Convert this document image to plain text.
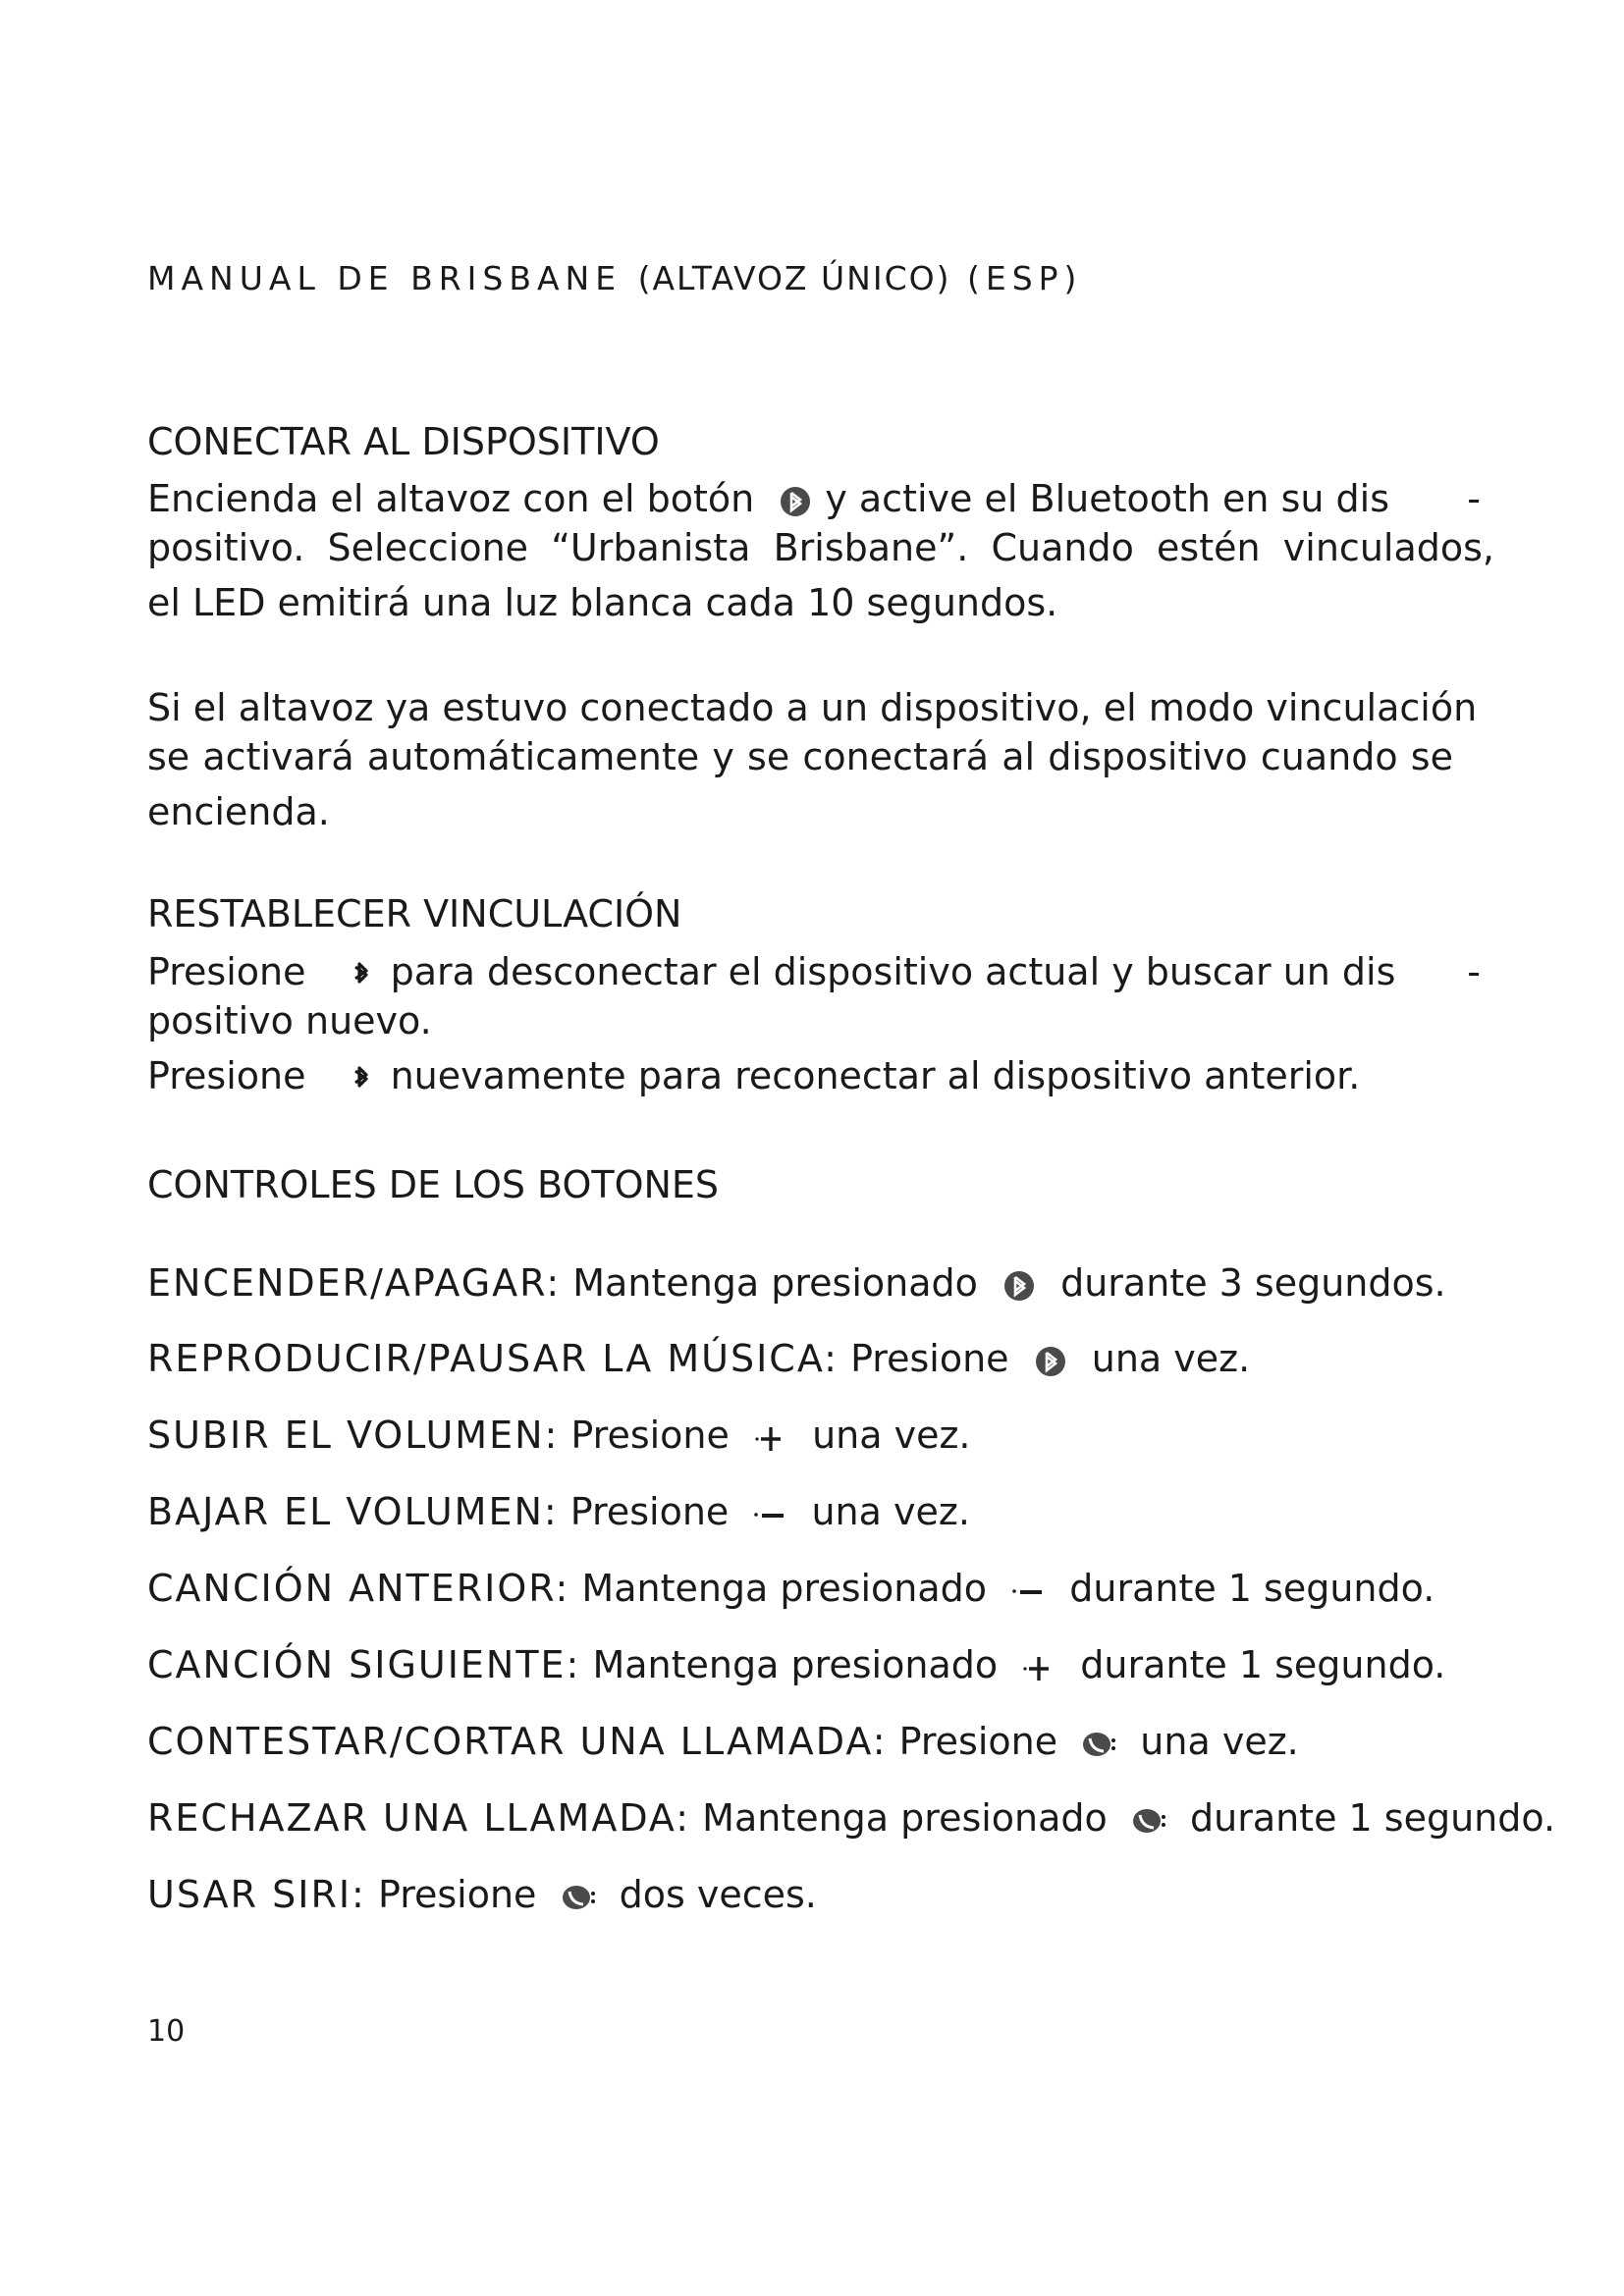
MANUAL DE BRISBANE (ALTAVOZ ÚNICO) (ESP)
CONECTAR AL DISPOSITIVO
Encienda el altavoz con el botón y active el Bluetooth en su dis -
positivo. Seleccione “Urbanista Brisbane”. Cuando estén vinculados,
el LED emitirá una luz blanca cada 10 segundos.
Si el altavoz ya estuvo conectado a un dispositivo, el modo vinculación
se activará automáticamente y se conectará al dispositivo cuando se
encienda.
RESTABLECER VINCULACIÓN
Presione para desconectar el dispositivo actual y buscar un dis -
positivo nuevo.
Presione nuevamente para reconectar al dispositivo anterior.
CONTROLES DE LOS BOTONES
ENCENDER/APAGAR: Mantenga presionado durante 3 segundos.
REPRODUCIR/PAUSAR LA MÚSICA: Presione una vez.
SUBIR EL VOLUMEN: Presione una vez.
BAJAR EL VOLUMEN: Presione una vez.
CANCIÓN ANTERIOR: Mantenga presionado durante 1 segundo.
CANCIÓN SIGUIENTE: Mantenga presionado durante 1 segundo.
CONTESTAR/CORTAR UNA LLAMADA: Presione una vez.
RECHAZAR UNA LLAMADA: Mantenga presionado durante 1 segundo.
USAR SIRI: Presione dos veces.

10
